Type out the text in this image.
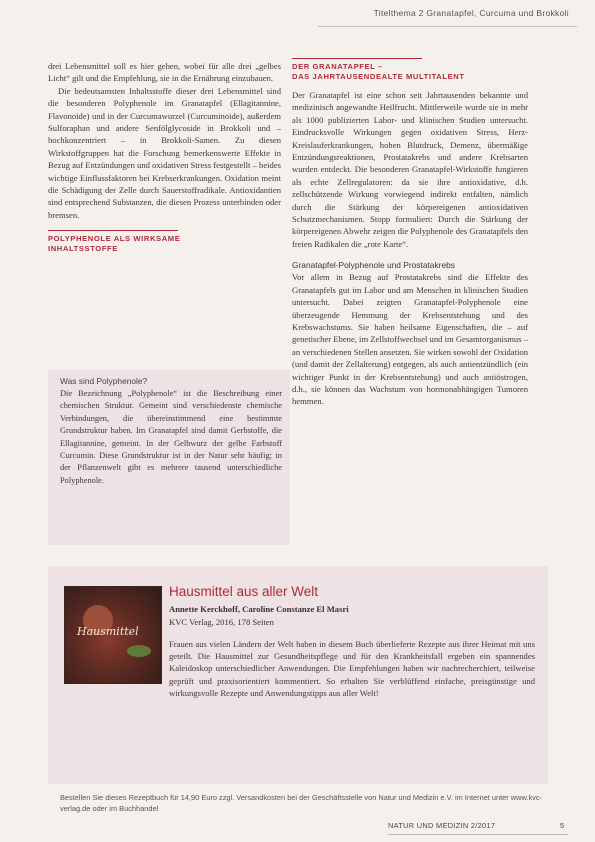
Titelthema 2 Granatapfel, Curcuma und Brokkoli

drei Lebensmittel soll es hier gehen, wobei für alle drei „gelbes Licht“ gilt und die Empfehlung, sie in die Ernährung einzubauen.

Die bedeutsamsten Inhaltsstoffe dieser drei Lebensmittel sind die besonderen Polyphenole im Granatapfel (Ellagitannine, Flavonoide) und in der Curcumawurzel (Curcuminoide), außerdem Sulforaphan und andere Senfölglycoside in Brokkoli und – hochkonzentriert – in Brokkoli-Samen. Zu diesen Wirkstoffgruppen hat die Forschung bemerkenswerte Effekte in Bezug auf Entzündungen und oxidativen Stress festgestellt – beides wichtige Einflussfaktoren bei Krebserkrankungen. Oxidation meint die Schädigung der Zelle durch Sauerstoffradikale. Antioxidantien sind entsprechend Substanzen, die diesen Prozess unterbinden oder bremsen.

POLYPHENOLE ALS WIRKSAME
INHALTSSTOFFE
Was sind Polyphenole?

Die Bezeichnung „Polyphenole“ ist die Beschreibung einer chemischen Struktur. Gemeint sind verschiedenste chemische Verbindungen, die übereinstimmend eine bestimmte Grundstruktur haben. Im Granatapfel sind damit Gerbstoffe, die Ellagitannine, gemeint. In der Gelbwurz der gelbe Farbstoff Curcumin. Diese Grundstruktur ist in der Natur sehr häufig; in der Pflanzenwelt gibt es mehrere tausend unterschiedliche Polyphenole.

DER GRANATAPFEL –
DAS JAHRTAUSENDEALTE MULTITALENT

Der Granatapfel ist eine schon seit Jahrtausenden bekannte und medizinisch angewandte Heilfrucht. Mittlerweile wurde sie in mehr als 1000 publizierten Labor- und klinischen Studien untersucht. Eindrucksvolle Wirkungen gegen oxidativen Stress, Herz-Kreislauferkrankungen, hohen Blutdruck, Demenz, übermäßige Entzündungsreaktionen, Prostatakrebs und andere Krebsarten wurden entdeckt. Die besonderen Granatapfel-Wirkstoffe fungieren als echte Zellregulatoren: da sie ihre antioxidative, d.h. zellschützende Wirkung vorwiegend indirekt entfalten, nämlich durch die Stärkung der körpereigenen antioxidativen Schutzmechanismen. Stopp formuliert: Durch die Stärkung der körpereigenen Abwehr zeigen die Polyphenole des Granatapfels den freien Radikalen die „rote Karte“.

Granatapfel-Polyphenole und Prostatakrebs

Vor allem in Bezug auf Prostatakrebs sind die Effekte des Granatapfels gut im Labor und am Menschen in klinischen Studien untersucht. Dabei zeigten Granatapfel-Polyphenole eine überzeugende Hemmung der Krebsentstehung und des Krebswachstums. Sie haben heilsame Eigenschaften, die – auf genetischer Ebene, im Zellstoffwechsel und im Gesamtorganismus – an verschiedenen Stellen ansetzen. Sie wirken sowohl der Oxidation (und damit der Zellalterung) entgegen, als auch antientzündlich (ein wichtiger Punkt in der Krebsentstehung) und auch antiöstrogen, d.h., sie können das Wachstum von hormonabhängigen Tumoren hemmen.

Hausmittel
Hausmittel aus aller Welt
Annette Kerckhoff, Caroline Constanze El Masri
KVC Verlag, 2016, 178 Seiten

Frauen aus vielen Ländern der Welt haben in diesem Buch überlieferte Rezepte aus ihrer Heimat mit uns geteilt. Die Hausmittel zur Gesundheitspflege und für den Krankheitsfall ergeben ein spannendes Kaleidoskop unterschiedlicher Anwendungen. Die Empfehlungen haben wir nachrecherchiert, teilweise geprüft und praxisorientiert kommentiert. So erhalten Sie verblüffend einfache, preisgünstige und wirkungsvolle Rezepte und Anwendungstipps aus aller Welt!

Bestellen Sie dieses Rezeptbuch für 14,90 Euro zzgl. Versandkosten bei der Geschäftsstelle von Natur und Medizin e.V. im Internet unter www.kvc-verlag.de oder im Buchhandel
NATUR UND MEDIZIN 2/2017	5
